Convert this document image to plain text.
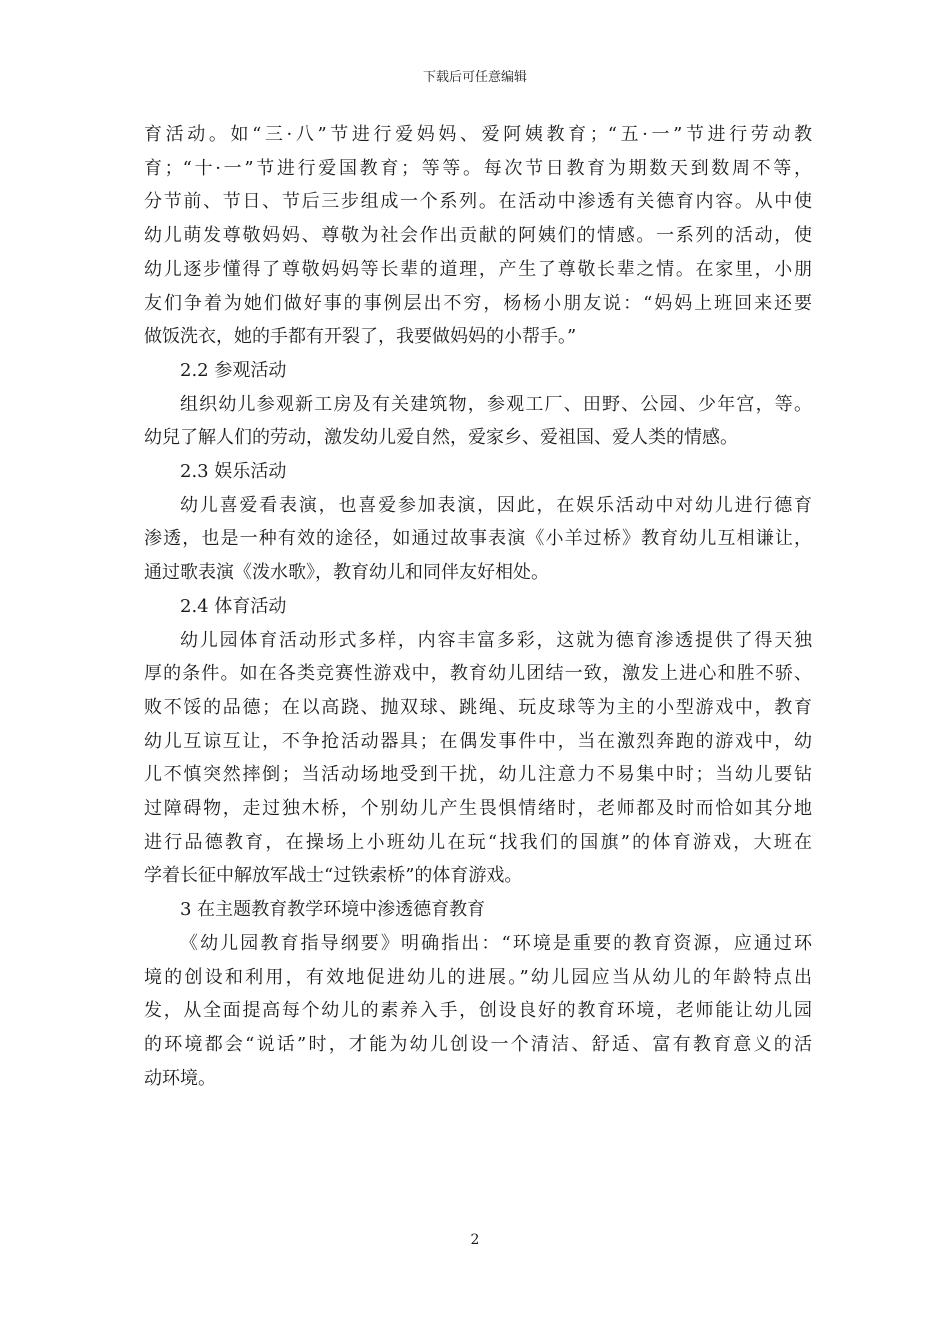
下载后可任意编辑

育活动。如“三·八”节进行爱妈妈、爱阿姨教育；“五·一”节进行劳动教

育；“十·一”节进行爱国教育；等等。每次节日教育为期数天到数周不等，

分节前、节日、节后三步组成一个系列。在活动中渗透有关德育内容。从中使

幼儿萌发尊敬妈妈、尊敬为社会作出贡献的阿姨们的情感。一系列的活动，使

幼儿逐步懂得了尊敬妈妈等长辈的道理，产生了尊敬长辈之情。在家里，小朋

友们争着为她们做好事的事例层出不穷，杨杨小朋友说：“妈妈上班回来还要

做饭洗衣，她的手都有开裂了，我要做妈妈的小帮手。”

2.2 参观活动

组织幼儿参观新工房及有关建筑物，参观工厂、田野、公园、少年宫，等。

幼兒了解人们的劳动，激发幼儿爱自然，爱家乡、爱祖国、爱人类的情感。

2.3 娱乐活动

幼儿喜爱看表演，也喜爱参加表演，因此，在娱乐活动中对幼儿进行德育

渗透，也是一种有效的途径，如通过故事表演《小羊过桥》教育幼儿互相谦让，

通过歌表演《泼水歌》，教育幼儿和同伴友好相处。

2.4 体育活动

幼儿园体育活动形式多样，内容丰富多彩，这就为德育渗透提供了得天独

厚的条件。如在各类竞赛性游戏中，教育幼儿团结一致，激发上进心和胜不骄、

败不馁的品德；在以高跷、抛双球、跳绳、玩皮球等为主的小型游戏中，教育

幼儿互谅互让，不争抢活动器具；在偶发事件中，当在激烈奔跑的游戏中，幼

儿不慎突然摔倒；当活动场地受到干扰，幼儿注意力不易集中时；当幼儿要钻

过障碍物，走过独木桥，个别幼儿产生畏惧情绪时，老师都及时而恰如其分地

进行品德教育，在操场上小班幼儿在玩“找我们的国旗”的体育游戏，大班在

学着长征中解放军战士“过铁索桥”的体育游戏。

3 在主题教育教学环境中渗透德育教育

《幼儿园教育指导纲要》明确指出：“环境是重要的教育资源，应通过环

境的创设和利用，有效地促进幼儿的进展。”幼儿园应当从幼儿的年龄特点出

发，从全面提高每个幼儿的素养入手，创设良好的教育环境，老师能让幼儿园

的环境都会“说话”时，才能为幼儿创设一个清洁、舒适、富有教育意义的活

动环境。

2
